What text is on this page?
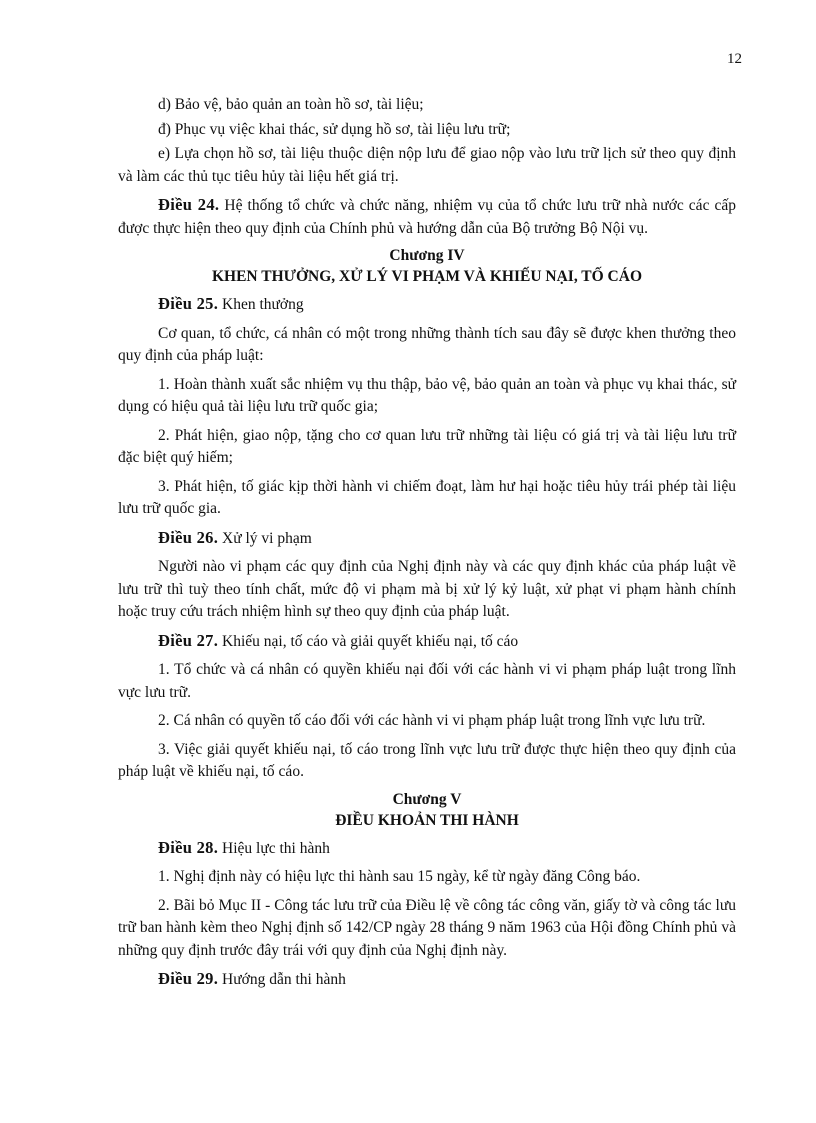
12

d) Bảo vệ, bảo quản an toàn hồ sơ, tài liệu;

đ) Phục vụ việc khai thác, sử dụng hồ sơ, tài liệu lưu trữ;

e) Lựa chọn hồ sơ, tài liệu thuộc diện nộp lưu để giao nộp vào lưu trữ lịch sử theo quy định và làm các thủ tục tiêu hủy tài liệu hết giá trị.

Điều 24. Hệ thống tổ chức và chức năng, nhiệm vụ của tổ chức lưu trữ nhà nước các cấp được thực hiện theo quy định của Chính phủ và hướng dẫn của Bộ trưởng Bộ Nội vụ.

Chương IV
KHEN THƯỞNG, XỬ LÝ VI PHẠM VÀ KHIẾU NẠI, TỐ CÁO

Điều 25. Khen thưởng

Cơ quan, tổ chức, cá nhân có một trong những thành tích sau đây sẽ được khen thưởng theo quy định của pháp luật:

1. Hoàn thành xuất sắc nhiệm vụ thu thập, bảo vệ, bảo quản an toàn và phục vụ khai thác, sử dụng có hiệu quả tài liệu lưu trữ quốc gia;

2. Phát hiện, giao nộp, tặng cho cơ quan lưu trữ những tài liệu có giá trị và tài liệu lưu trữ đặc biệt quý hiếm;

3. Phát hiện, tố giác kịp thời hành vi chiếm đoạt, làm hư hại hoặc tiêu hủy trái phép tài liệu lưu trữ quốc gia.

Điều 26. Xử lý vi phạm

Người nào vi phạm các quy định của Nghị định này và các quy định khác của pháp luật về lưu trữ thì tuỳ theo tính chất, mức độ vi phạm mà bị xử lý kỷ luật, xử phạt vi phạm hành chính hoặc truy cứu trách nhiệm hình sự theo quy định của pháp luật.

Điều 27. Khiếu nại, tố cáo và giải quyết khiếu nại, tố cáo

1. Tổ chức và cá nhân có quyền khiếu nại đối với các hành vi vi phạm pháp luật trong lĩnh vực lưu trữ.

2. Cá nhân có quyền tố cáo đối với các hành vi vi phạm pháp luật trong lĩnh vực lưu trữ.

3. Việc giải quyết khiếu nại, tố cáo trong lĩnh vực lưu trữ được thực hiện theo quy định của pháp luật về khiếu nại, tố cáo.

Chương V
ĐIỀU KHOẢN THI HÀNH

Điều 28. Hiệu lực thi hành

1. Nghị định này có hiệu lực thi hành sau 15 ngày, kể từ ngày đăng Công báo.

2. Bãi bỏ Mục II - Công tác lưu trữ của Điều lệ về công tác công văn, giấy tờ và công tác lưu trữ ban hành kèm theo Nghị định số 142/CP ngày 28 tháng 9 năm 1963 của Hội đồng Chính phủ và những quy định trước đây trái với quy định của Nghị định này.

Điều 29. Hướng dẫn thi hành
